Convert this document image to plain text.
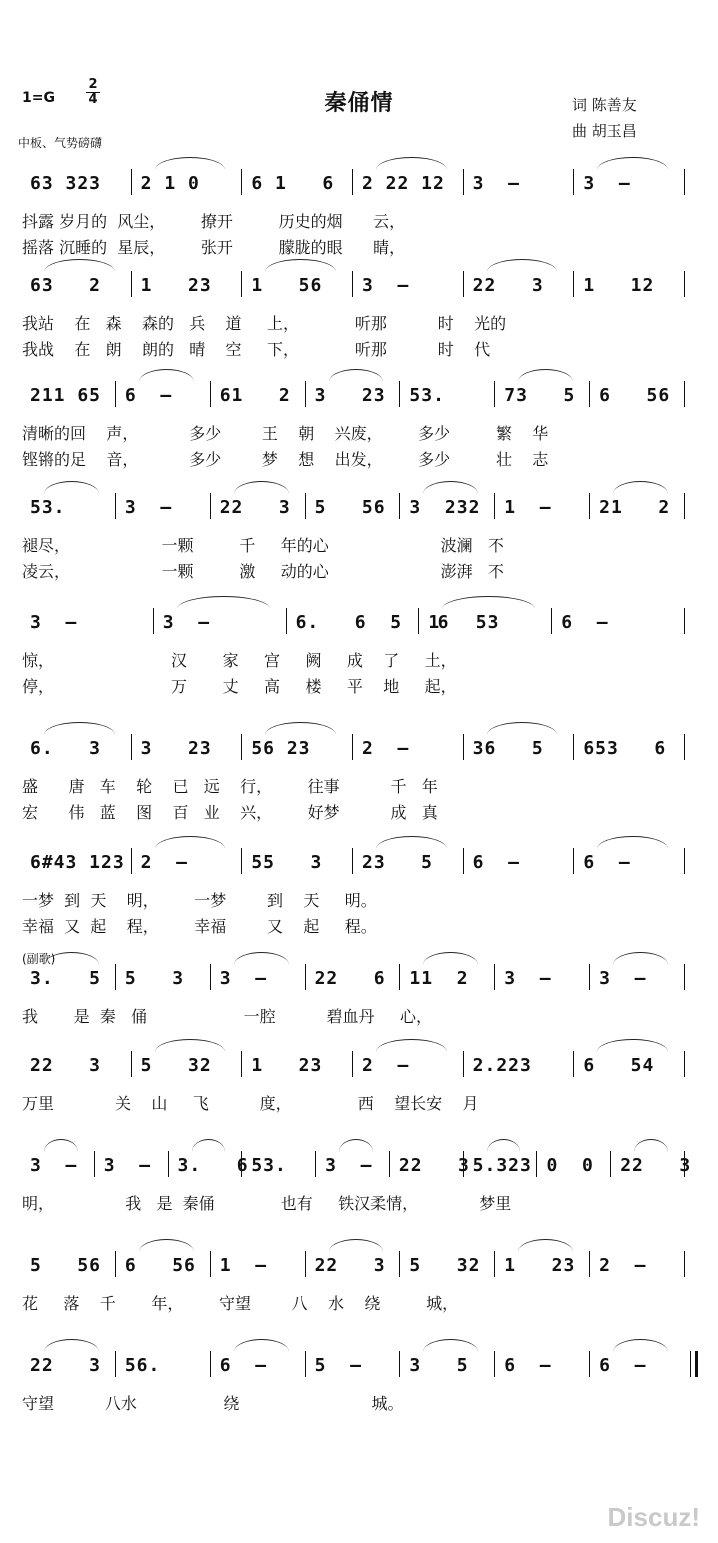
1=G
2
4	秦俑情	词 陈善友
曲 胡玉昌
中板、气势磅礴
63 323 2 1 0	6 1   6 2 22 12 3  –	3  –
抖露 岁月的  风尘，       撩开         历史的烟      云，
摇落 沉睡的  星辰，       张开         朦胧的眼      睛，
63   2 1   23 1   56 3  –	22   3 1   12
我站    在   森    森的   兵    道     上，           听那          时    光的
我战    在   朗    朗的   晴    空     下，           听那          时    代
211 65 6  –	61   2 3   23 53.	73   5 6   56
清晰的回    声，          多少        王    朝    兴废，       多少         繁    华
铿锵的足    音，          多少        梦    想    出发，       多少         壮    志
53.	3  –	22   3 5   56 3  232 1  –	21   2
褪尽，                  一颗         千     年的心                      波澜   不
凌云，                  一颗         激     动的心                      澎湃   不
3  –	3  –	6.   6  5   6
1   53	6  –
惊，                       汉       家     宫     阙     成    了     土，
停，                       万       丈     高     楼     平    地     起，
6.   3 3   23 56 23	2  –	36   5 653   6
盛      唐   车    轮    已   远    行，       往事          千   年
宏      伟   蓝    图    百   业    兴，       好梦          成   真
6#43 123 2  –	55   3 23   5 6  –	6  –
一梦  到  天    明，       一梦        到    天     明。
幸福  又  起    程，       幸福        又    起     程。
3.   5 5   3 3  –	22   6 11  2 3  –	3  –
我       是  秦   俑                   一腔          碧血丹     心，
22   3 5   32 1   23 2  –	2.223	6   54
万里            关    山     飞          度，             西    望长安    月
3  – 3  – 3.   6 53. 3  – 22   3 5.323 0  0 22   3
明，              我   是  秦俑             也有     铁汉柔情，            梦里
5   56 6   56 1  –	22   3 5   32 1   23 2  –
花     落    千       年，       守望        八    水    绕         城，
22   3 56.	6  –	5  –	3   5 6  –	6  –
守望          八水                 绕                          城。
(副歌)
Discuz!
